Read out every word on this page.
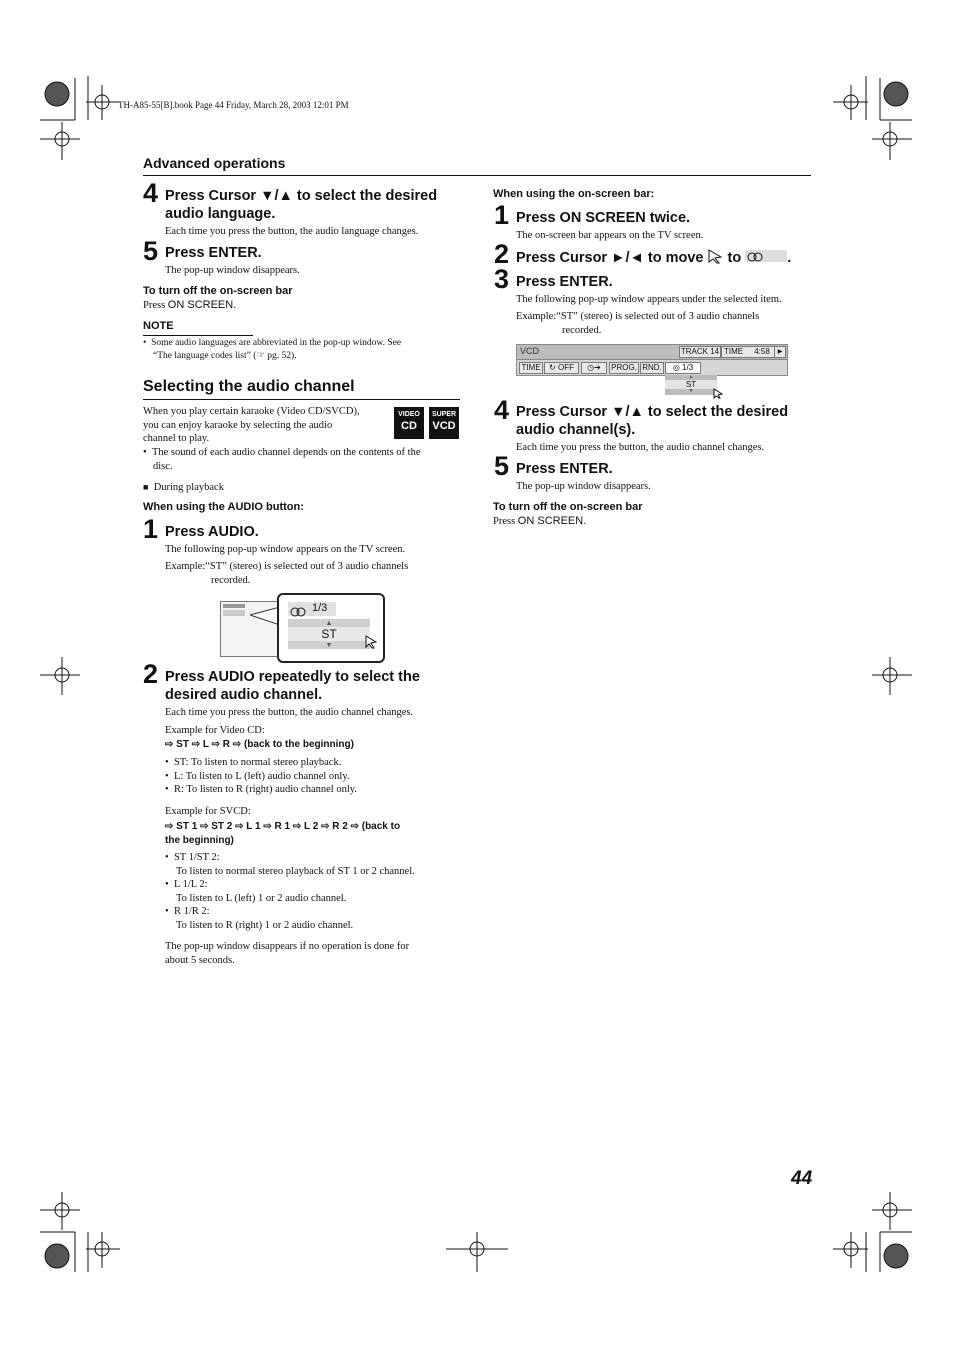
TH-A85-55[B].book Page 44 Friday, March 28, 2003 12:01 PM
Advanced operations
4 Press Cursor ▼/▲ to select the desired
audio language.
Each time you press the button, the audio language changes.
5 Press ENTER.
The pop-up window disappears.
To turn off the on-screen bar
Press ON SCREEN.
NOTE
•  Some audio languages are abbreviated in the pop-up window. See
“The language codes list” (☞ pg. 52).
Selecting the audio channel
When you play certain karaoke (Video CD/SVCD),
you can enjoy karaoke by selecting the audio
channel to play.
VIDEO
CD
SUPER
VCD
•  The sound of each audio channel depends on the contents of the
disc.
■ During playback
When using the AUDIO button:
1 Press AUDIO.
The following pop-up window appears on the TV screen.
Example:“ST” (stereo) is selected out of 3 audio channels
recorded.
1/3
▲
ST
▼
2 Press AUDIO repeatedly to select the
desired audio channel.
Each time you press the button, the audio channel changes.
Example for Video CD:
⇨ ST ⇨ L ⇨ R ⇨ (back to the beginning)
•  ST: To listen to normal stereo playback.
•  L: To listen to L (left) audio channel only.
•  R: To listen to R (right) audio channel only.
Example for SVCD:
⇨ ST 1 ⇨ ST 2 ⇨ L 1 ⇨ R 1 ⇨ L 2 ⇨ R 2 ⇨ (back to
the beginning)
•  ST 1/ST 2:
To listen to normal stereo playback of ST 1 or 2 channel.
•  L 1/L 2:
To listen to L (left) 1 or 2 audio channel.
•  R 1/R 2:
To listen to R (right) 1 or 2 audio channel.
The pop-up window disappears if no operation is done for
about 5 seconds.
When using the on-screen bar:
1 Press ON SCREEN twice.
The on-screen bar appears on the TV screen.
2 Press Cursor ►/◄ to move to	.
3 Press ENTER.
The following pop-up window appears under the selected item.
Example:“ST” (stereo) is selected out of 3 audio channels
recorded.
VCD	TRACK 14 TIME 4:58	▶
TIME	↻ OFF	◷➔	PROG. RND.	◎ 1/3
▲
ST
▼
4 Press Cursor ▼/▲ to select the desired
audio channel(s).
Each time you press the button, the audio channel changes.
5 Press ENTER.
The pop-up window disappears.
To turn off the on-screen bar
Press ON SCREEN.
44
